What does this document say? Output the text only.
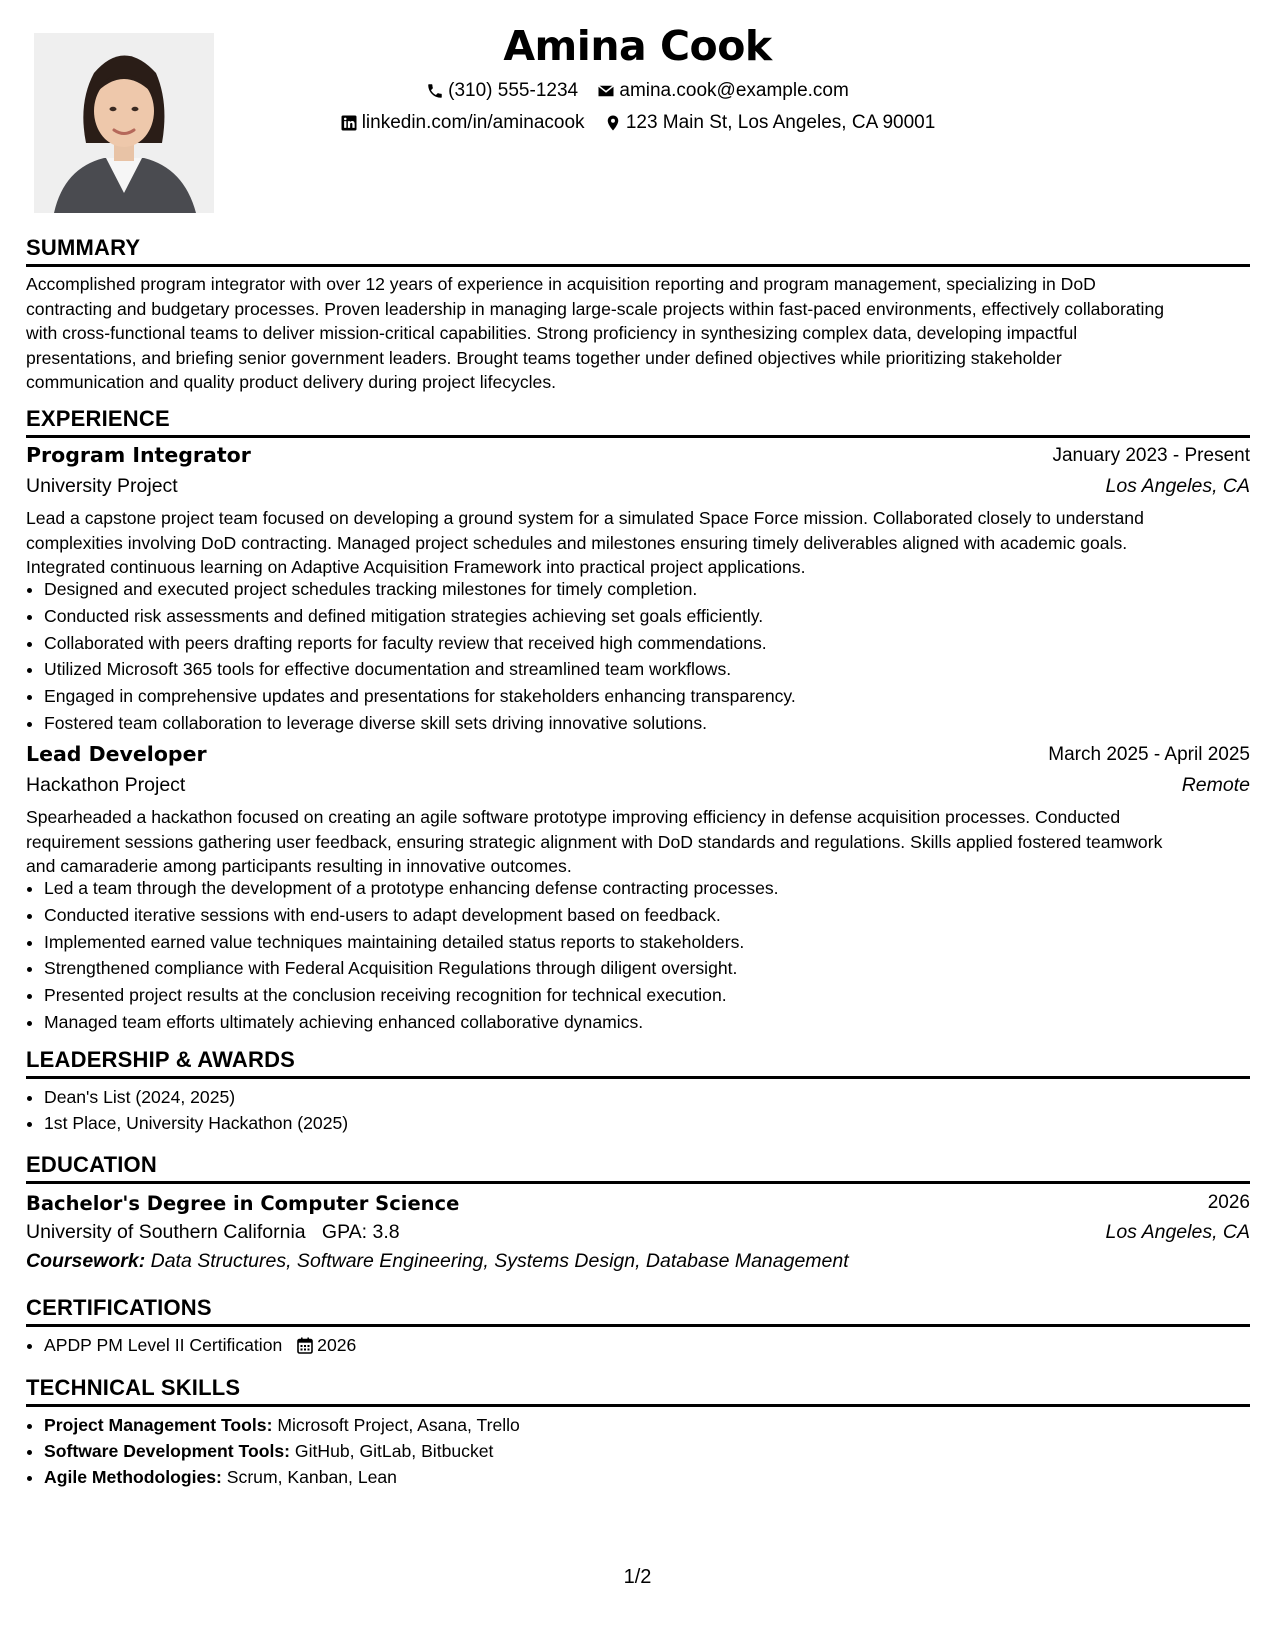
Amina Cook
(310) 555-1234
amina.cook@example.com
linkedin.com/in/aminacook
123 Main St, Los Angeles, CA 90001
SUMMARY
Accomplished program integrator with over 12 years of experience in acquisition reporting and program management, specializing in DoD
contracting and budgetary processes. Proven leadership in managing large-scale projects within fast-paced environments, effectively collaborating
with cross-functional teams to deliver mission-critical capabilities. Strong proficiency in synthesizing complex data, developing impactful
presentations, and briefing senior government leaders. Brought teams together under defined objectives while prioritizing stakeholder
communication and quality product delivery during project lifecycles.
EXPERIENCE
Program Integrator	January 2023 - Present
University Project	Los Angeles, CA
Lead a capstone project team focused on developing a ground system for a simulated Space Force mission. Collaborated closely to understand
complexities involving DoD contracting. Managed project schedules and milestones ensuring timely deliverables aligned with academic goals.
Integrated continuous learning on Adaptive Acquisition Framework into practical project applications.
• Designed and executed project schedules tracking milestones for timely completion.
• Conducted risk assessments and defined mitigation strategies achieving set goals efficiently.
• Collaborated with peers drafting reports for faculty review that received high commendations.
• Utilized Microsoft 365 tools for effective documentation and streamlined team workflows.
• Engaged in comprehensive updates and presentations for stakeholders enhancing transparency.
• Fostered team collaboration to leverage diverse skill sets driving innovative solutions.
Lead Developer	March 2025 - April 2025
Hackathon Project	Remote
Spearheaded a hackathon focused on creating an agile software prototype improving efficiency in defense acquisition processes. Conducted
requirement sessions gathering user feedback, ensuring strategic alignment with DoD standards and regulations. Skills applied fostered teamwork
and camaraderie among participants resulting in innovative outcomes.
• Led a team through the development of a prototype enhancing defense contracting processes.
• Conducted iterative sessions with end-users to adapt development based on feedback.
• Implemented earned value techniques maintaining detailed status reports to stakeholders.
• Strengthened compliance with Federal Acquisition Regulations through diligent oversight.
• Presented project results at the conclusion receiving recognition for technical execution.
• Managed team efforts ultimately achieving enhanced collaborative dynamics.
LEADERSHIP & AWARDS
• Dean's List (2024, 2025)
• 1st Place, University Hackathon (2025)
EDUCATION
Bachelor's Degree in Computer Science	2026
University of Southern California GPA: 3.8	Los Angeles, CA
Coursework: Data Structures, Software Engineering, Systems Design, Database Management
CERTIFICATIONS
• APDP PM Level II Certification 2026
TECHNICAL SKILLS
• Project Management Tools: Microsoft Project, Asana, Trello
• Software Development Tools: GitHub, GitLab, Bitbucket
• Agile Methodologies: Scrum, Kanban, Lean
1/2
